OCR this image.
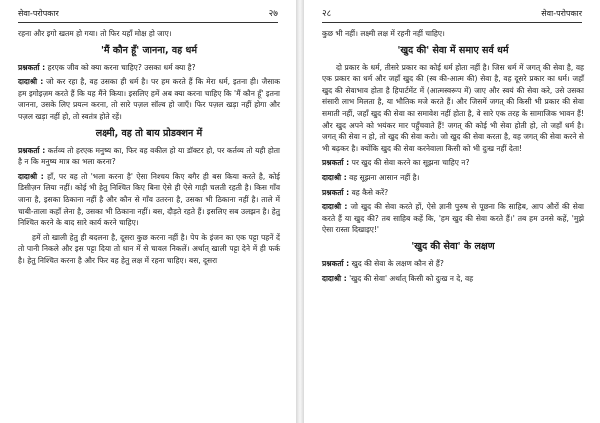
सेवा-परोपकार	२७

रहना और इगो खतम हो गया। तो फिर यहाँ मोक्ष हो जाए।

'मैं कौन हूँ' जानना, वह धर्म

प्रश्नकर्ता : हरएक जीव को क्या करना चाहिए? उसका धर्म क्या है?

दादाश्री : जो कर रहा है, वह उसका ही धर्म है। पर हम करते हैं कि मेरा धर्म, इतना ही। जैसाक हम इगोइज़म करते हैं कि यह मैंने किया। इसलिए हमें अब क्या करना चाहिए कि 'मैं कौन हूँ' इतना जानना, उसके लिए प्रयत्न करना, तो सारे पज़ल सॉल्व हो जाएँ। फिर पज़ल खड़ा नहीं होगा और पज़ल खड़ा नहीं हो, तो स्वतंत्र होते रहें।

लक्ष्मी, वह तो बाय प्रोडक्शन में

प्रश्नकर्ता : कर्तव्य तो हरएक मनुष्य का, फिर वह वकील हो या डॉक्टर हो, पर कर्तव्य तो यही होता है न कि मनुष्य मात्र का भला करना?

दादाश्री : हाँ, पर वह तो 'भला करना है' ऐसा निश्चय किए बगैर ही बस किया करते है, कोई डिसीज़न लिया नहीं। कोई भी हेतु निश्चित किए बिना ऐसे ही ऐसे गाड़ी चलती रहती है। किस गाँव जाना है, इसका ठिकाना नहीं है और कौन से गाँव उतरना है, उसका भी ठिकाना नहीं है। ताले में चाबी-ताला कहाँ लेना है, उसका भी ठिकाना नहीं। बस, दौड़ते रहते हैं। इसलिए सब उलझन है। हेतु निश्चित करने के बाद सारे कार्य करने चाहिए।

हमें तो खाली हेतु ही बदलना है, दूसरा कुछ करना नहीं है। पेप के इंजन का एक पट्टा पहनें दें तो पानी निकले और इस पट्टा दिया तो धान में से चावल निकलें। अर्थात् खाली पट्टा देने में ही फर्क है। हेतु निश्चित करना है और फिर वह हेतु लक्ष में रहना चाहिए। बस, दूसरा

२८	सेवा-परोपकार

कुछ भी नहीं। लक्ष्मी लक्ष में रहनी नहीं चाहिए।

'खुद की' सेवा में समाए सर्व धर्म

दो प्रकार के धर्म, तीसरे प्रकार का कोई धर्म होता नहीं है। जिस धर्म में जगत् की सेवा है, वह एक प्रकार का धर्म और जहाँ खुद की (स्व की-आत्म की) सेवा है, वह दूसरे प्रकार का धर्म। जहाँ खुद की सेवाभाव होता है हिपार्टमेंट में (आत्मस्वरूप में) जाए और स्वयं की सेवा करे, उसे उसका संसारी लाभ मिलता है, या भौतिक मजे करते हैं। और जिसमें जगत् की किसी भी प्रकार की सेवा समाती नहीं, जहाँ खुद की सेवा का समावेश नहीं होता है, वे सारे एक तरह के सामाजिक भावन हैं! और खुद अपने को भयंकर मार पहुँचवाते हैं! जगत् की कोई भी सेवा होती हो, तो जहाँ धर्म है। जगत् की सेवा न हो, तो खुद की सेवा करो। जो खुद की सेवा करता है, वह जगत् की सेवा करने से भी बढ़कर है। क्योंकि खुद की सेवा करनेवाला किसी को भी दुःख नहीं देता!

प्रश्नकर्ता : पर खुद की सेवा करने का सूझना चाहिए न?

दादाश्री : वह सूझना आसान नहीं है।

प्रश्नकर्ता : वह कैसे करें?

दादाश्री : जो खुद की सेवा करते हों, ऐसे ज्ञानी पुरुष से पूछना कि साहिब, आप औरों की सेवा करते हैं या खुद की? तब साहिब कहें कि, 'हम खुद की सेवा करते हैं।' तब हम उनसे कहें, 'मुझे ऐसा रास्ता दिखाइए!'

'खुद की सेवा' के लक्षण

प्रश्नकर्ता : खुद की सेवा के लक्षण कौन से हैं?

दादाश्री : 'खुद की सेवा' अर्थात् किसी को दुःख न दे, वह
